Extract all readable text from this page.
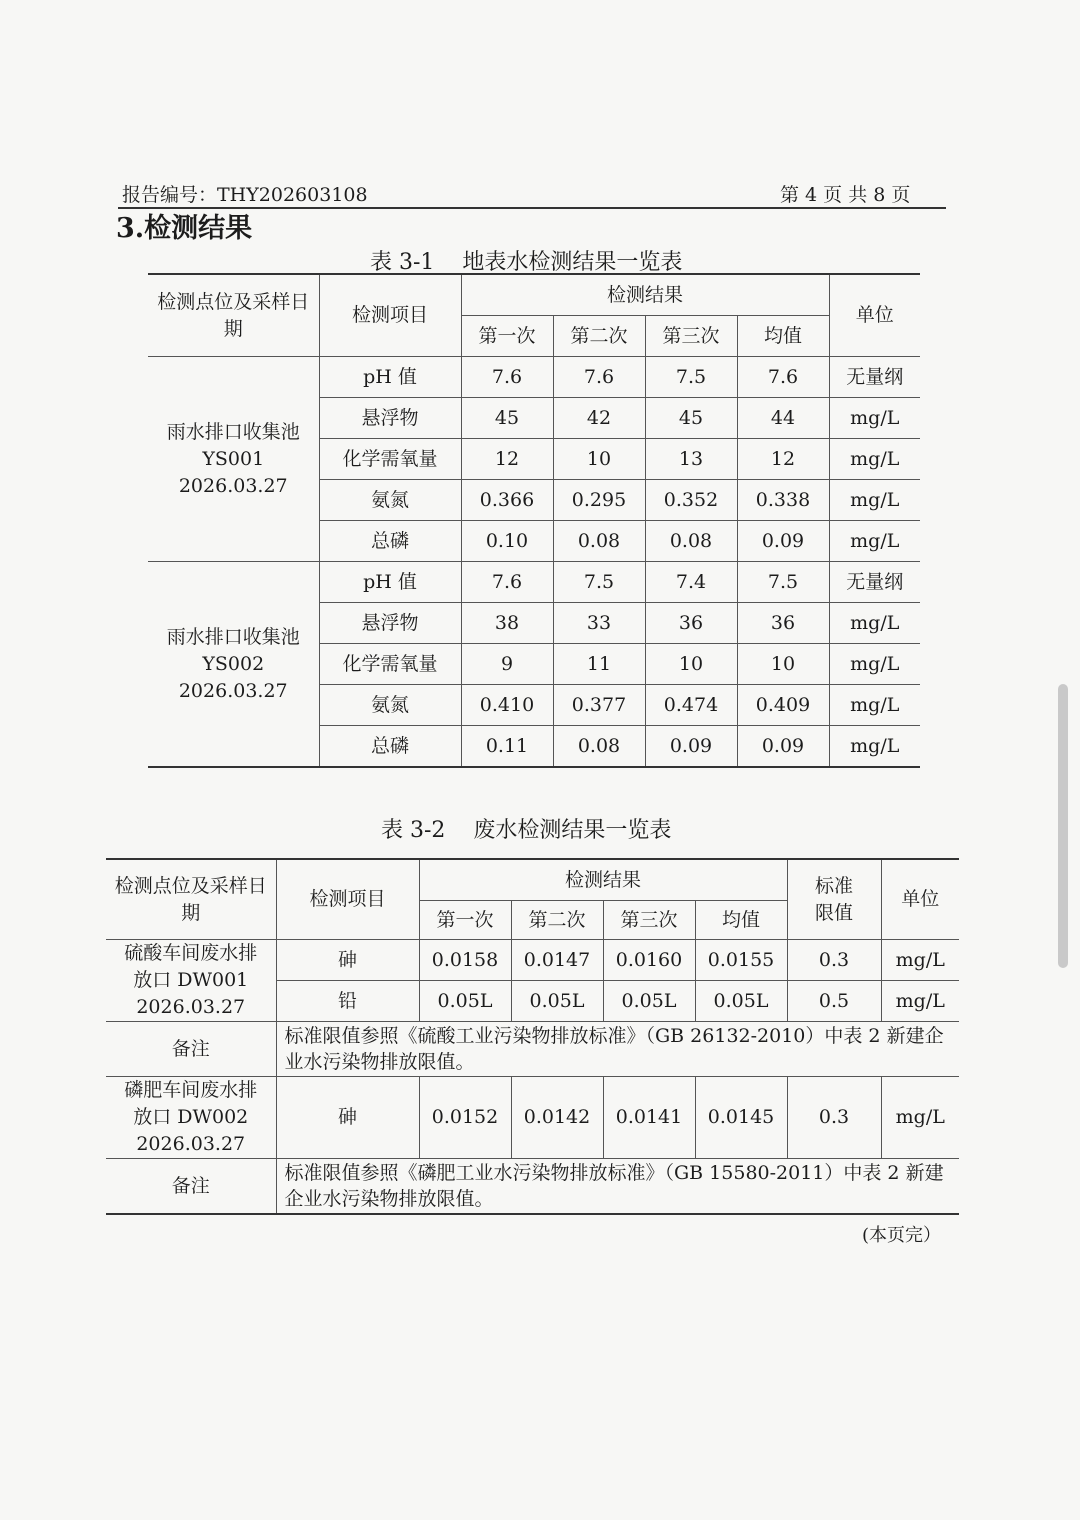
报告编号：THY202603108	第 4 页 共 8 页
3.检测结果
表 3-1    地表水检测结果一览表
检测点位及采样日期	检测项目	检测结果				单位
		第一次	第二次	第三次	均值	

雨水排口收集池
YS001
2026.03.27	pH 值	7.6	7.6	7.5	7.6	无量纲
	悬浮物	45	42	45	44	mg/L
	化学需氧量	12	10	13	12	mg/L
	氨氮	0.366	0.295	0.352	0.338	mg/L
	总磷	0.10	0.08	0.08	0.09	mg/L

雨水排口收集池
YS002
2026.03.27	pH 值	7.6	7.5	7.4	7.5	无量纲
	悬浮物	38	33	36	36	mg/L
	化学需氧量	9	11	10	10	mg/L
	氨氮	0.410	0.377	0.474	0.409	mg/L
	总磷	0.11	0.08	0.09	0.09	mg/L
表 3-2    废水检测结果一览表
检测点位及采样日期	检测项目	检测结果				标准限值	单位
		第一次	第二次	第三次	均值		

硫酸车间废水排
放口 DW001
2026.03.27	砷	0.0158	0.0147	0.0160	0.0155	0.3	mg/L
	铅	0.05L	0.05L	0.05L	0.05L	0.5	mg/L
备注	标准限值参照《硫酸工业污染物排放标准》（GB 26132-2010）中表 2 新建企业水污染物排放限值。						

磷肥车间废水排
放口 DW002
2026.03.27	砷	0.0152	0.0142	0.0141	0.0145	0.3	mg/L
备注	标准限值参照《磷肥工业水污染物排放标准》（GB 15580-2011）中表 2 新建企业水污染物排放限值。						
(本页完）
